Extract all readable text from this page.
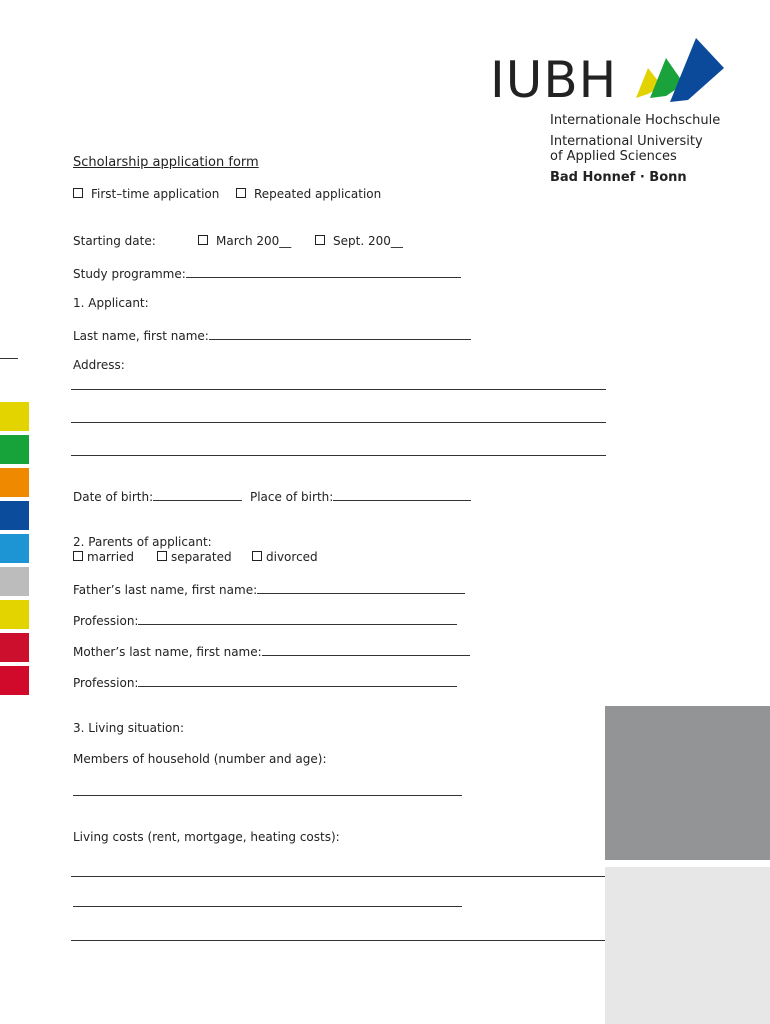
IUBH
Internationale Hochschule
International University
of Applied Sciences
Bad Honnef · Bonn
Scholarship application form
First–time application	Repeated application
Starting date:	March 200__	Sept. 200__
Study programme:
1. Applicant:
Last name, first name:
Address:
Date of birth:	Place of birth:
2. Parents of applicant:
married	separated	divorced
Father’s last name, first name:
Profession:
Mother’s last name, first name:
Profession:
3. Living situation:
Members of household (number and age):
Living costs (rent, mortgage, heating costs):
